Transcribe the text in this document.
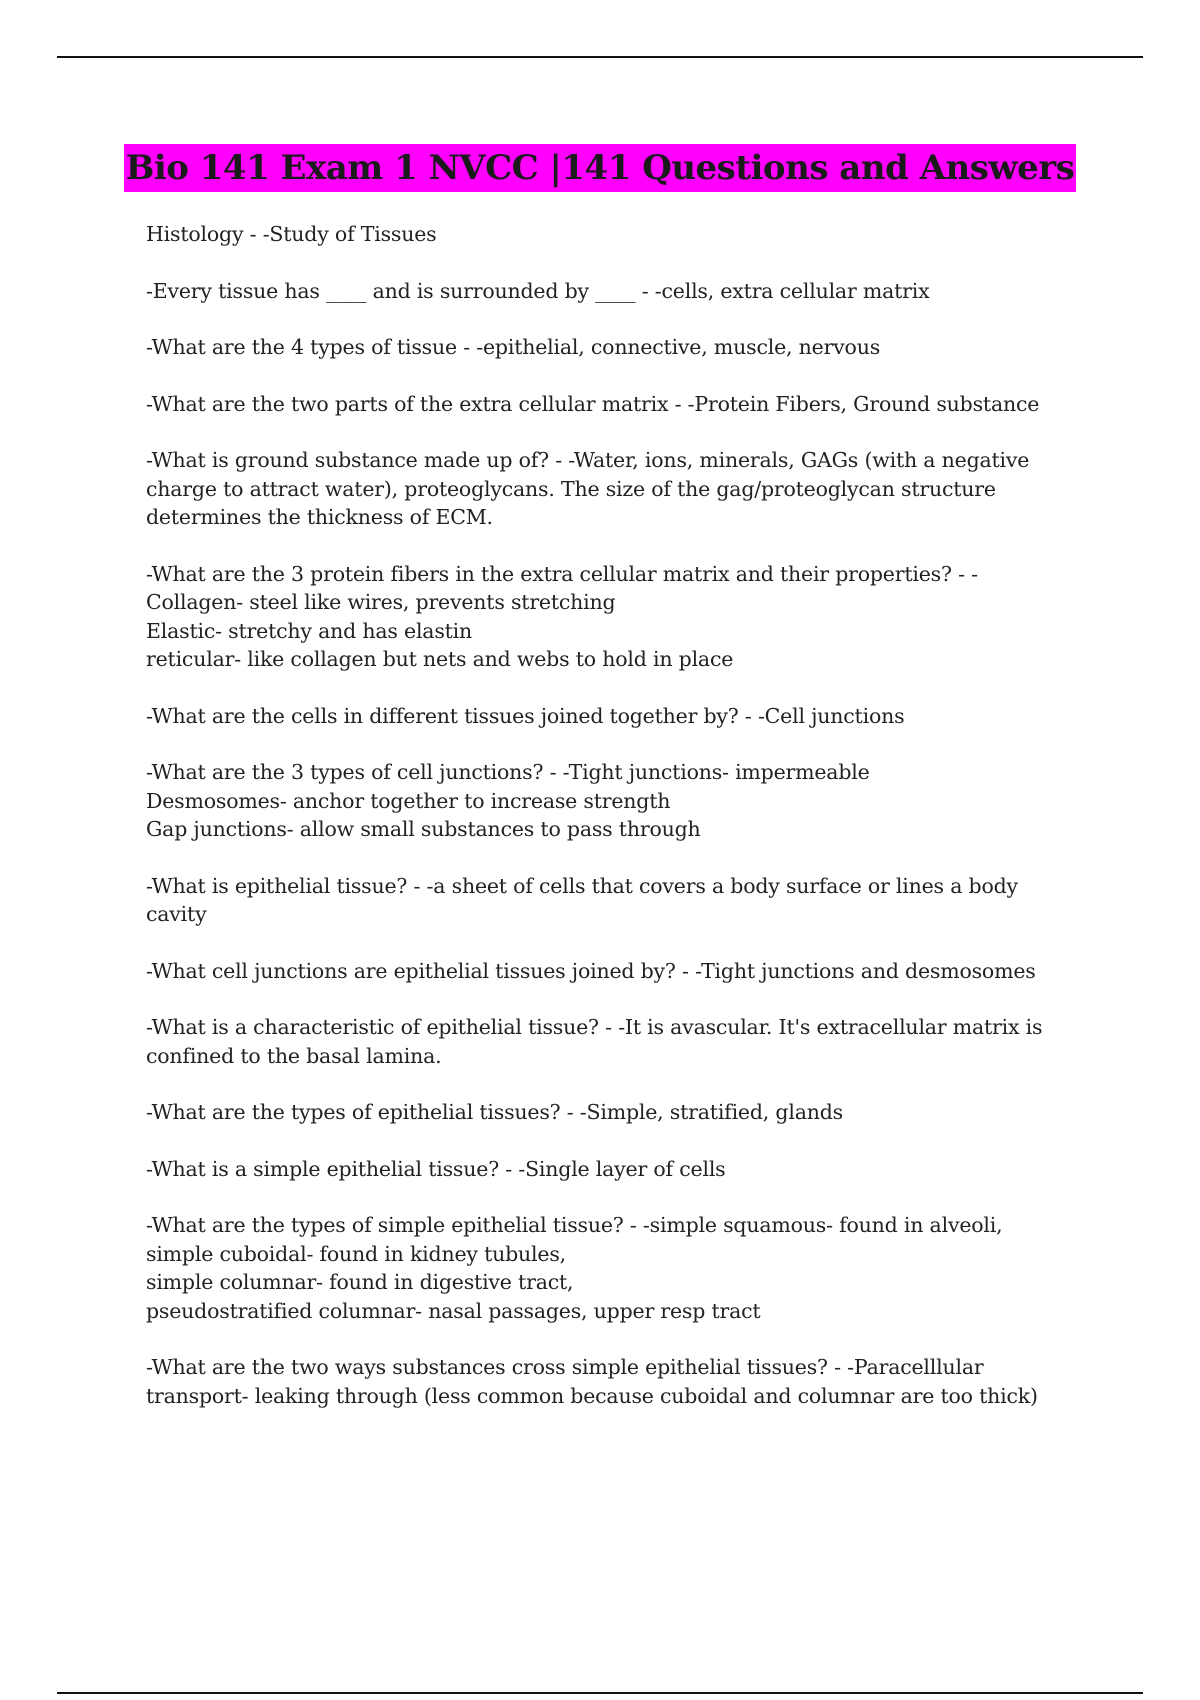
Bio 141 Exam 1 NVCC |141 Questions and Answers

Histology - -Study of Tissues

-Every tissue has ____ and is surrounded by ____ - -cells, extra cellular matrix

-What are the 4 types of tissue - -epithelial, connective, muscle, nervous

-What are the two parts of the extra cellular matrix - -Protein Fibers, Ground substance

-What is ground substance made up of? - -Water, ions, minerals, GAGs (with a negative
charge to attract water), proteoglycans. The size of the gag/proteoglycan structure
determines the thickness of ECM.

-What are the 3 protein fibers in the extra cellular matrix and their properties? - -
Collagen- steel like wires, prevents stretching
Elastic- stretchy and has elastin
reticular- like collagen but nets and webs to hold in place

-What are the cells in different tissues joined together by? - -Cell junctions

-What are the 3 types of cell junctions? - -Tight junctions- impermeable
Desmosomes- anchor together to increase strength
Gap junctions- allow small substances to pass through

-What is epithelial tissue? - -a sheet of cells that covers a body surface or lines a body
cavity

-What cell junctions are epithelial tissues joined by? - -Tight junctions and desmosomes

-What is a characteristic of epithelial tissue? - -It is avascular. It's extracellular matrix is
confined to the basal lamina.

-What are the types of epithelial tissues? - -Simple, stratified, glands

-What is a simple epithelial tissue? - -Single layer of cells

-What are the types of simple epithelial tissue? - -simple squamous- found in alveoli,
simple cuboidal- found in kidney tubules,
simple columnar- found in digestive tract,
pseudostratified columnar- nasal passages, upper resp tract

-What are the two ways substances cross simple epithelial tissues? - -Paracelllular
transport- leaking through (less common because cuboidal and columnar are too thick)
